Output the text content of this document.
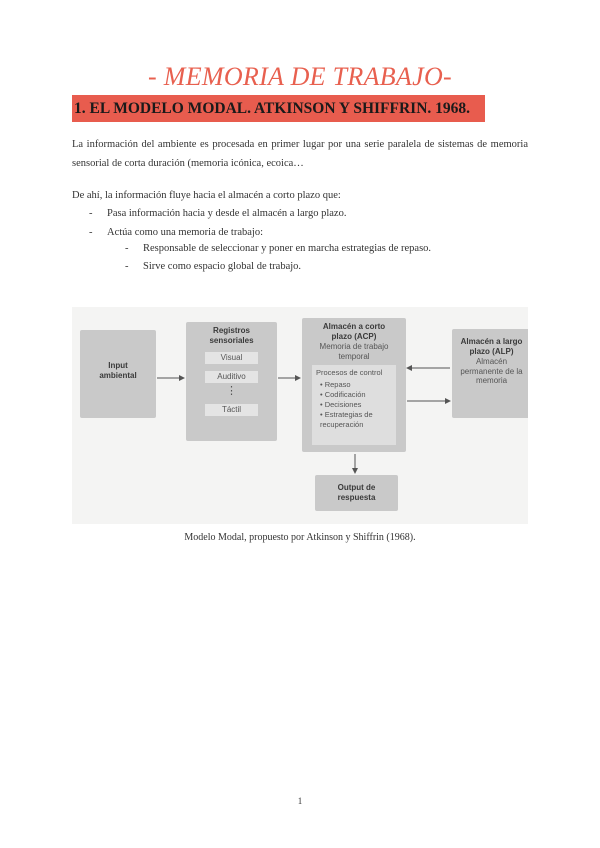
- MEMORIA DE TRABAJO-
1. EL MODELO MODAL. ATKINSON Y SHIFFRIN. 1968.
La información del ambiente es procesada en primer lugar por una serie paralela de sistemas de memoria sensorial de corta duración (memoria icónica, ecoica…
De ahí, la información fluye hacia el almacén a corto plazo que:
- Pasa información hacia y desde el almacén a largo plazo.
- Actúa como una memoria de trabajo:
- Responsable de seleccionar y poner en marcha estrategias de repaso.
- Sirve como espacio global de trabajo.
Input ambiental
Registros sensoriales
Visual
Auditivo
⋮
Táctil
Almacén a corto plazo (ACP)
Memoria de trabajo temporal
Procesos de control
• Repaso
• Codificación
• Decisiones
• Estrategias de recuperación
Almacén a largo plazo (ALP)
Almacén permanente de la memoria
Output de respuesta
Modelo Modal, propuesto por Atkinson y Shiffrin (1968).
1
